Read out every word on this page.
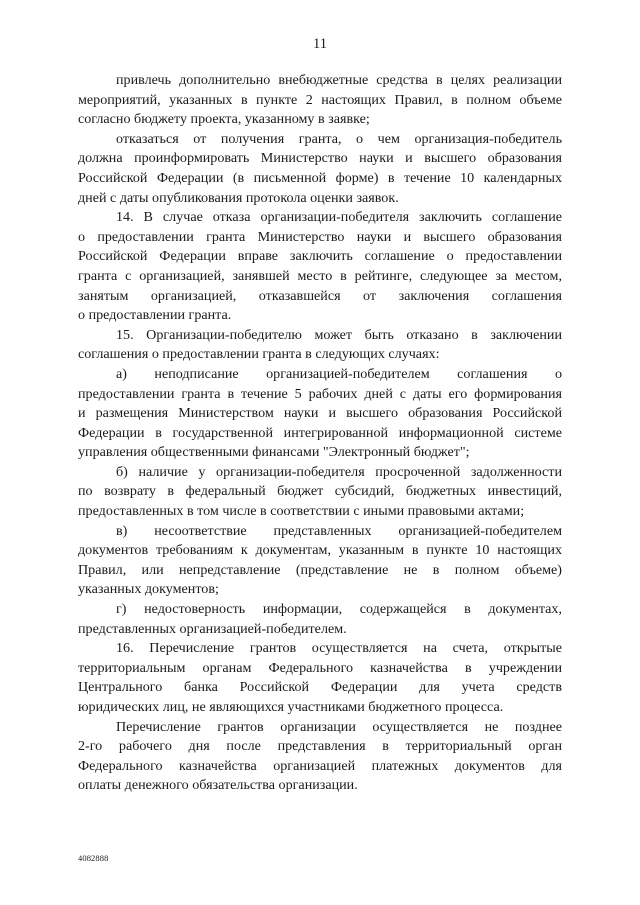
11
привлечь дополнительно внебюджетные средства в целях реализации
мероприятий, указанных в пункте 2 настоящих Правил, в полном объеме
согласно бюджету проекта, указанному в заявке;
отказаться от получения гранта, о чем организация-победитель
должна проинформировать Министерство науки и высшего образования
Российской Федерации (в письменной форме) в течение 10 календарных
дней с даты опубликования протокола оценки заявок.
14. В случае отказа организации-победителя заключить соглашение
о предоставлении гранта Министерство науки и высшего образования
Российской Федерации вправе заключить соглашение о предоставлении
гранта с организацией, занявшей место в рейтинге, следующее за местом,
занятым организацией, отказавшейся от заключения соглашения
о предоставлении гранта.
15. Организации-победителю может быть отказано в заключении
соглашения о предоставлении гранта в следующих случаях:
а) неподписание организацией-победителем соглашения о
предоставлении гранта в течение 5 рабочих дней с даты его формирования
и размещения Министерством науки и высшего образования Российской
Федерации в государственной интегрированной информационной системе
управления общественными финансами "Электронный бюджет";
б) наличие у организации-победителя просроченной задолженности
по возврату в федеральный бюджет субсидий, бюджетных инвестиций,
предоставленных в том числе в соответствии с иными правовыми актами;
в) несоответствие представленных организацией-победителем
документов требованиям к документам, указанным в пункте 10 настоящих
Правил, или непредставление (представление не в полном объеме)
указанных документов;
г) недостоверность информации, содержащейся в документах,
представленных организацией-победителем.
16. Перечисление грантов осуществляется на счета, открытые
территориальным органам Федерального казначейства в учреждении
Центрального банка Российской Федерации для учета средств
юридических лиц, не являющихся участниками бюджетного процесса.
Перечисление грантов организации осуществляется не позднее
2-го рабочего дня после представления в территориальный орган
Федерального казначейства организацией платежных документов для
оплаты денежного обязательства организации.
4082888
